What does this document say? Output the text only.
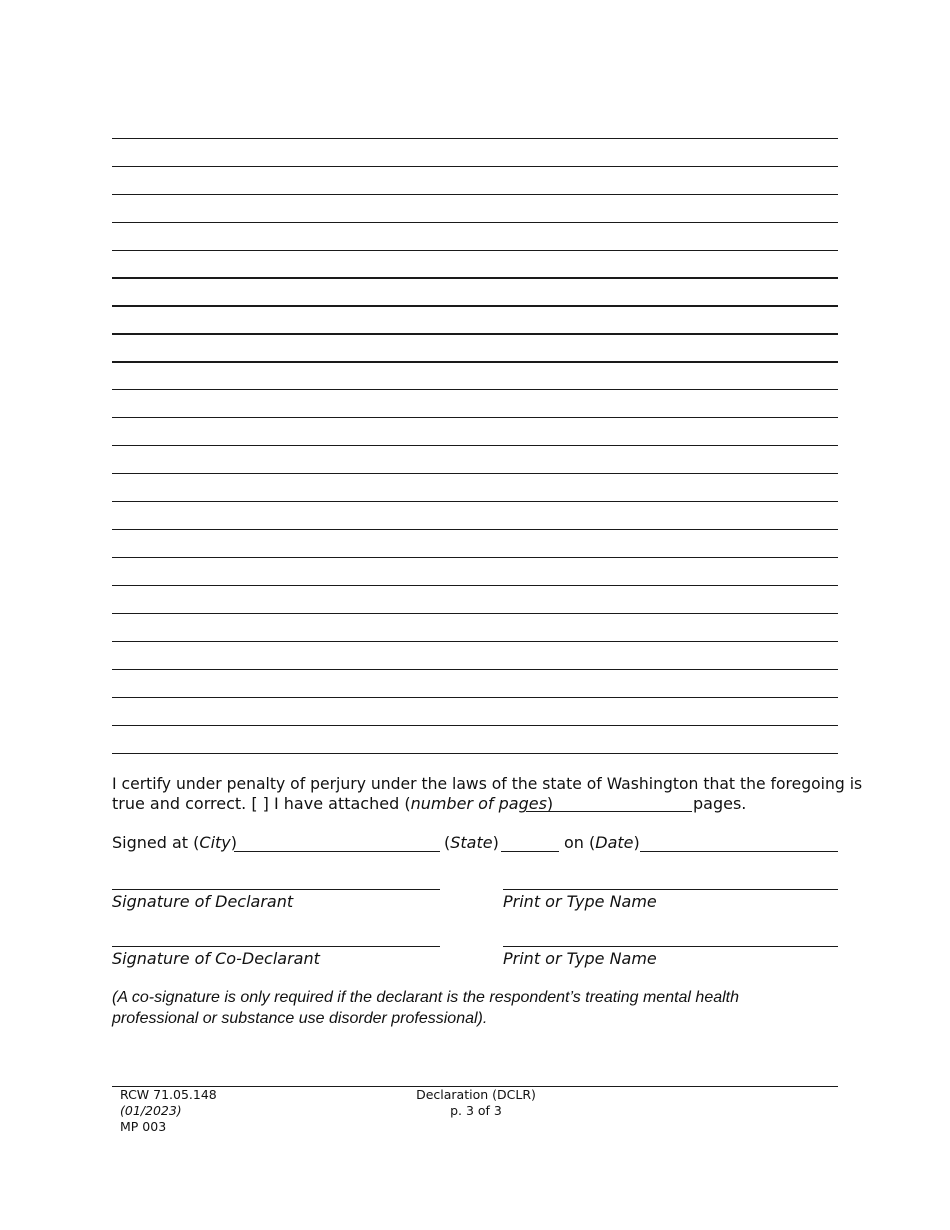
I certify under penalty of perjury under the laws of the state of Washington that the foregoing is
true and correct. [ ] I have attached (number of pages)	pages.
Signed at (City)	(State)	on (Date)
Signature of Declarant	Print or Type Name
Signature of Co-Declarant	Print or Type Name
(A co-signature is only required if the declarant is the respondent’s treating mental health professional or substance use disorder professional).
RCW 71.05.148
(01/2023)
MP 003
Declaration (DCLR)
p. 3 of 3
